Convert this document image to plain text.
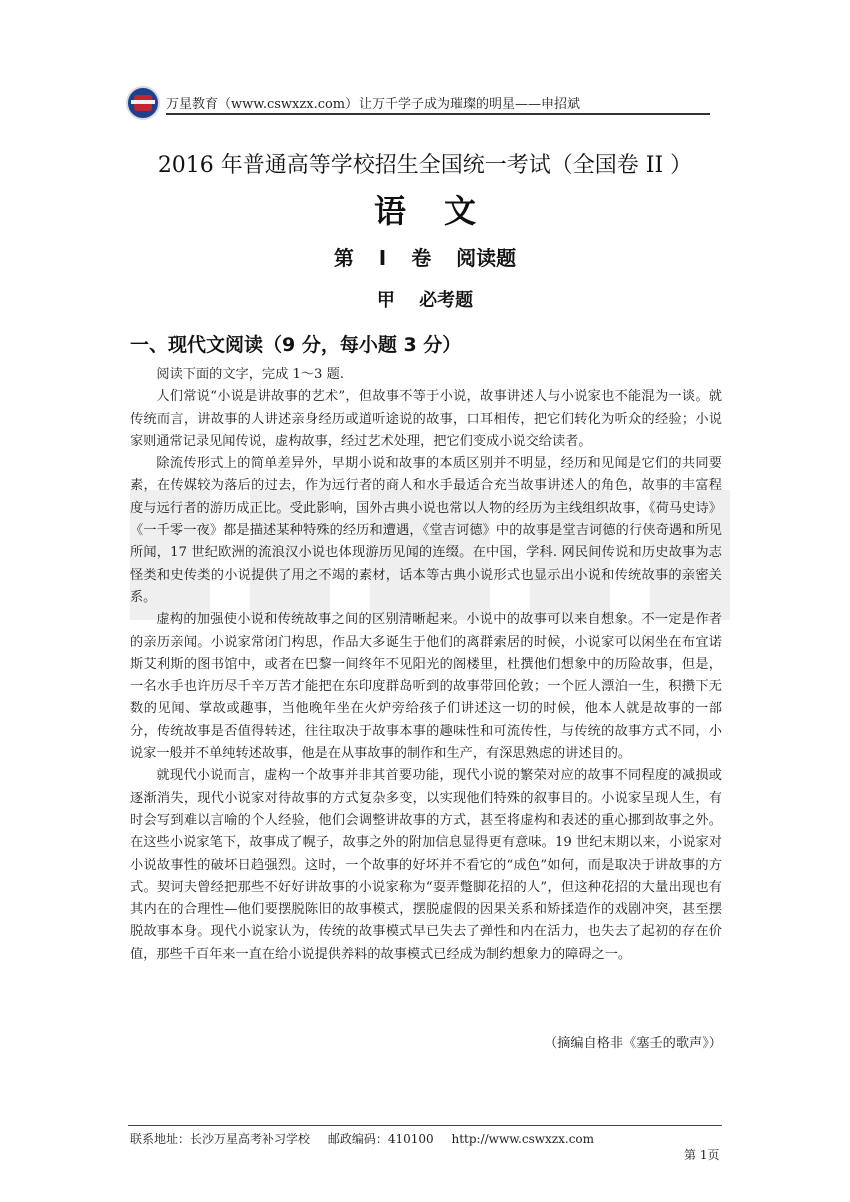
万星教育（www.cswxzx.com） 让万千学子成为璀璨的明星——申招斌
2016 年普通高等学校招生全国统一考试（全国卷 II ）
语文
第 I 卷 阅读题
甲 必考题
一、现代文阅读（9 分，每小题 3 分）

阅读下面的文字，完成 1～3 题.

人们常说“小说是讲故事的艺术”，但故事不等于小说，故事讲述人与小说家也不能混为一谈。就传统而言，讲故事的人讲述亲身经历或道听途说的故事，口耳相传，把它们转化为听众的经验；小说家则通常记录见闻传说，虚构故事，经过艺术处理，把它们变成小说交给读者。

除流传形式上的简单差异外，早期小说和故事的本质区别并不明显，经历和见闻是它们的共同要素，在传媒较为落后的过去，作为远行者的商人和水手最适合充当故事讲述人的角色，故事的丰富程度与远行者的游历成正比。受此影响，国外古典小说也常以人物的经历为主线组织故事，《荷马史诗》《一千零一夜》都是描述某种特殊的经历和遭遇，《堂吉诃德》中的故事是堂吉诃德的行侠奇遇和所见所闻，17 世纪欧洲的流浪汉小说也体现游历见闻的连缀。在中国，学科. 网民间传说和历史故事为志怪类和史传类的小说提供了用之不竭的素材，话本等古典小说形式也显示出小说和传统故事的亲密关系。

虚构的加强使小说和传统故事之间的区别清晰起来。小说中的故事可以来自想象。不一定是作者的亲历亲闻。小说家常闭门构思，作品大多诞生于他们的离群索居的时候，小说家可以闲坐在布宜诺斯艾利斯的图书馆中，或者在巴黎一间终年不见阳光的阁楼里，杜撰他们想象中的历险故事，但是，一名水手也许历尽千辛万苦才能把在东印度群岛听到的故事带回伦敦；一个匠人漂泊一生，积攒下无数的见闻、掌故或趣事，当他晚年坐在火炉旁给孩子们讲述这一切的时候，他本人就是故事的一部分，传统故事是否值得转述，往往取决于故事本事的趣味性和可流传性，与传统的故事方式不同，小说家一般并不单纯转述故事，他是在从事故事的制作和生产，有深思熟虑的讲述目的。

就现代小说而言，虚构一个故事并非其首要功能，现代小说的繁荣对应的故事不同程度的减损或逐渐消失，现代小说家对待故事的方式复杂多变，以实现他们特殊的叙事目的。小说家呈现人生，有时会写到难以言喻的个人经验，他们会调整讲故事的方式，甚至将虚构和表述的重心挪到故事之外。在这些小说家笔下，故事成了幌子，故事之外的附加信息显得更有意味。19 世纪末期以来，小说家对小说故事性的破坏日趋强烈。这时，一个故事的好坏并不看它的“成色”如何，而是取决于讲故事的方式。契诃夫曾经把那些不好好讲故事的小说家称为“耍弄蹩脚花招的人”，但这种花招的大量出现也有其内在的合理性—他们要摆脱陈旧的故事模式，摆脱虚假的因果关系和矫揉造作的戏剧冲突，甚至摆脱故事本身。现代小说家认为，传统的故事模式早已失去了弹性和内在活力，也失去了起初的存在价值，那些千百年来一直在给小说提供养料的故事模式已经成为制约想象力的障碍之一。

（摘编自格非《塞壬的歌声》）
联系地址：长沙万星高考补习学校 邮政编码：410100 http://www.cswxzx.com
第 1页
